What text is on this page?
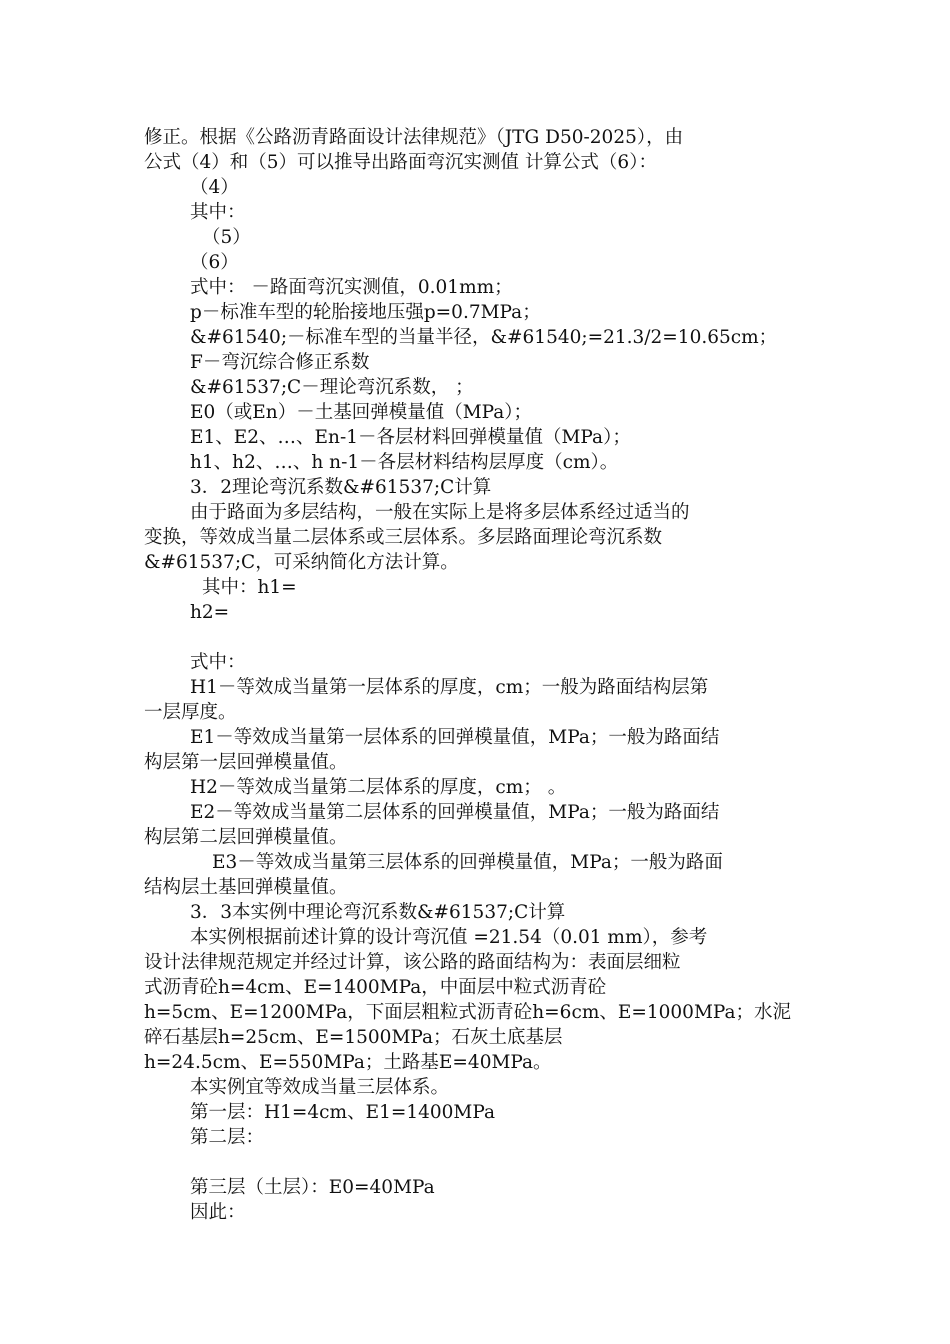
修正。根据《公路沥青路面设计法律规范》（JTG D50-2025），由
公式（4）和（5）可以推导出路面弯沉实测值 计算公式（6）：
（4）
其中：
（5）
（6）
式中： －路面弯沉实测值，0.01mm；
p－标准车型的轮胎接地压强p=0.7MPa；
&#61540;－标准车型的当量半径，&#61540;=21.3/2=10.65cm；
F－弯沉综合修正系数
&#61537;C－理论弯沉系数， ；
E0（或En）－土基回弹模量值（MPa）；
E1、E2、…、En-1－各层材料回弹模量值（MPa）；
h1、h2、…、h n-1－各层材料结构层厚度（cm）。
3．2理论弯沉系数&#61537;C计算
由于路面为多层结构，一般在实际上是将多层体系经过适当的
变换，等效成当量二层体系或三层体系。多层路面理论弯沉系数
&#61537;C，可采纳简化方法计算。
其中：h1=
h2=
式中：
H1－等效成当量第一层体系的厚度，cm；一般为路面结构层第
一层厚度。
E1－等效成当量第一层体系的回弹模量值，MPa；一般为路面结
构层第一层回弹模量值。
H2－等效成当量第二层体系的厚度，cm； 。
E2－等效成当量第二层体系的回弹模量值，MPa；一般为路面结
构层第二层回弹模量值。
E3－等效成当量第三层体系的回弹模量值，MPa；一般为路面
结构层土基回弹模量值。
3．3本实例中理论弯沉系数&#61537;C计算
本实例根据前述计算的设计弯沉值 =21.54（0.01 mm），参考
设计法律规范规定并经过计算，该公路的路面结构为：表面层细粒
式沥青砼h=4cm、E=1400MPa，中面层中粒式沥青砼
h=5cm、E=1200MPa，下面层粗粒式沥青砼h=6cm、E=1000MPa；水泥
碎石基层h=25cm、E=1500MPa；石灰土底基层
h=24.5cm、E=550MPa；土路基E=40MPa。
本实例宜等效成当量三层体系。
第一层：H1=4cm、E1=1400MPa
第二层：
第三层（土层）：E0=40MPa
因此：
